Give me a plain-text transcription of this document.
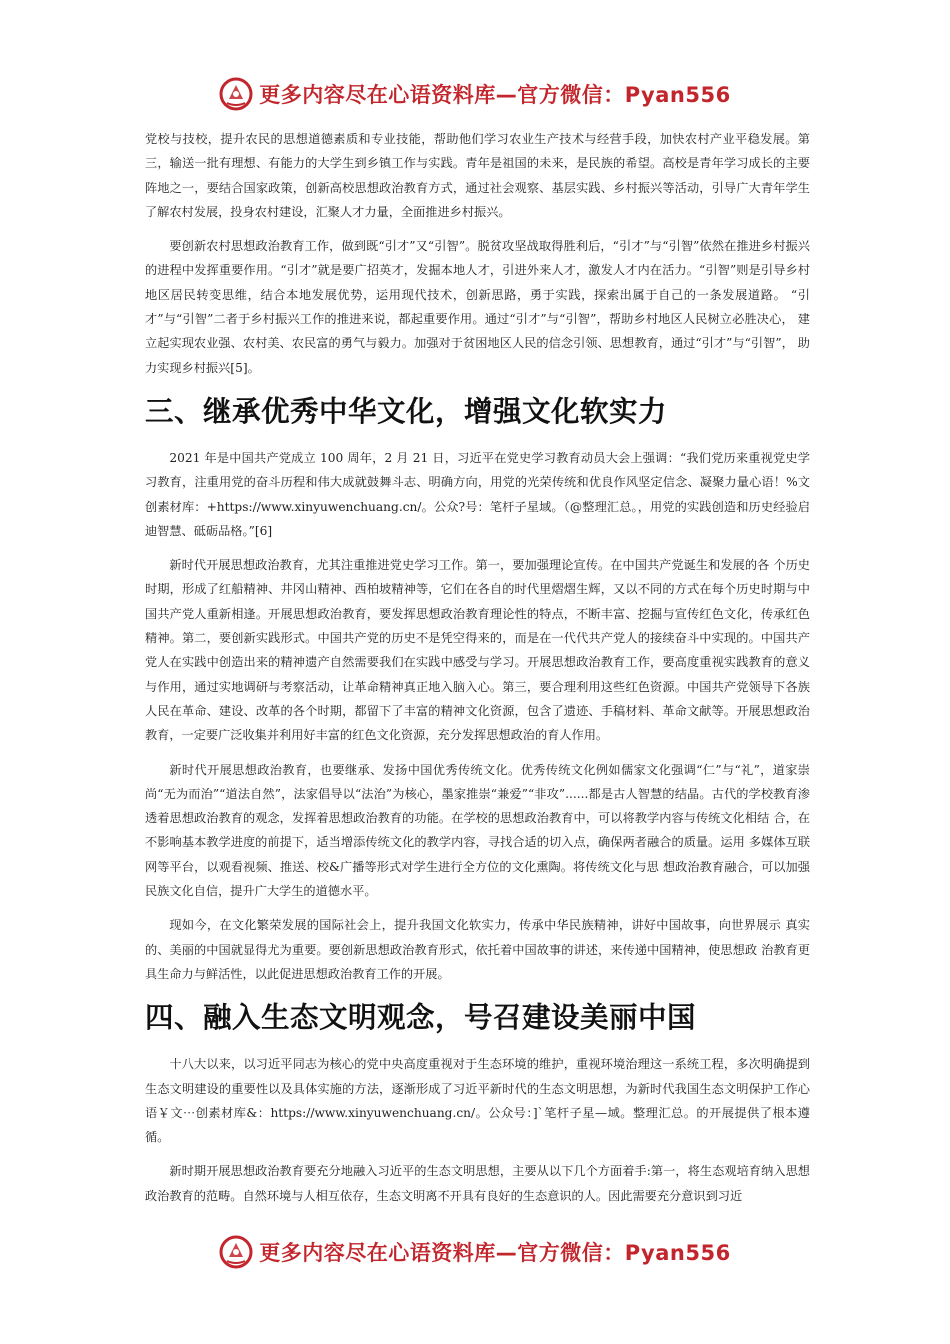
更多内容尽在心语资料库—官方微信：Pyan556

党校与技校，提升农民的思想道德素质和专业技能，帮助他们学习农业生产技术与经营手段，加快农村产业平稳发展。第三，输送一批有理想、有能力的大学生到乡镇工作与实践。青年是祖国的未来，是民族的希望。高校是青年学习成长的主要阵地之一，要结合国家政策，创新高校思想政治教育方式，通过社会观察、基层实践、乡村振兴等活动，引导广大青年学生了解农村发展，投身农村建设，汇聚人才力量，全面推进乡村振兴。

要创新农村思想政治教育工作，做到既“引才”又“引智”。脱贫攻坚战取得胜利后，“引才”与“引智”依然在推进乡村振兴的进程中发挥重要作用。“引才”就是要广招英才，发掘本地人才，引进外来人才，激发人才内在活力。“引智”则是引导乡村地区居民转变思维，结合本地发展优势，运用现代技术，创新思路，勇于实践，探索出属于自己的一条发展道路。 “引才”与“引智”二者于乡村振兴工作的推进来说，都起重要作用。通过“引才”与“引智”，帮助乡村地区人民树立必胜决心， 建立起实现农业强、农村美、农民富的勇气与毅力。加强对于贫困地区人民的信念引领、思想教育，通过“引才”与“引智”， 助力实现乡村振兴[5]。

三、继承优秀中华文化，增强文化软实力

2021 年是中国共产党成立 100 周年，2 月 21 日，习近平在党史学习教育动员大会上强调：“我们党历来重视党史学习教育，注重用党的奋斗历程和伟大成就鼓舞斗志、明确方向，用党的光荣传统和优良作风坚定信念、凝聚力量心语！%文创素材库：+https://www.xinyuwenchuang.cn/。公众?号：笔杆子星域。（@整理汇总。，用党的实践创造和历史经验启迪智慧、砥砺品格。”[6]

新时代开展思想政治教育，尤其注重推进党史学习工作。第一，要加强理论宣传。在中国共产党诞生和发展的各 个历史时期，形成了红船精神、井冈山精神、西柏坡精神等，它们在各自的时代里熠熠生辉，又以不同的方式在每个历史时期与中国共产党人重新相逢。开展思想政治教育，要发挥思想政治教育理论性的特点，不断丰富、挖掘与宣传红色文化，传承红色精神。第二，要创新实践形式。中国共产党的历史不是凭空得来的，而是在一代代共产党人的接续奋斗中实现的。中国共产党人在实践中创造出来的精神遗产自然需要我们在实践中感受与学习。开展思想政治教育工作，要高度重视实践教育的意义与作用，通过实地调研与考察活动，让革命精神真正地入脑入心。第三，要合理利用这些红色资源。中国共产党领导下各族人民在革命、建设、改革的各个时期，都留下了丰富的精神文化资源，包含了遗迹、手稿材料、革命文献等。开展思想政治教育，一定要广泛收集并利用好丰富的红色文化资源，充分发挥思想政治的育人作用。

新时代开展思想政治教育，也要继承、发扬中国优秀传统文化。优秀传统文化例如儒家文化强调“仁”与“礼”，道家崇尚“无为而治”“道法自然”，法家倡导以“法治”为核心，墨家推崇“兼爱”“非攻”......都是古人智慧的结晶。古代的学校教育渗透着思想政治教育的观念，发挥着思想政治教育的功能。在学校的思想政治教育中，可以将教学内容与传统文化相结 合，在不影响基本教学进度的前提下，适当增添传统文化的教学内容，寻找合适的切入点，确保两者融合的质量。运用 多媒体互联网等平台，以观看视频、推送、校&广播等形式对学生进行全方位的文化熏陶。将传统文化与思 想政治教育融合，可以加强民族文化自信，提升广大学生的道德水平。

现如今，在文化繁荣发展的国际社会上，提升我国文化软实力，传承中华民族精神，讲好中国故事，向世界展示 真实的、美丽的中国就显得尤为重要。要创新思想政治教育形式，依托着中国故事的讲述，来传递中国精神，使思想政 治教育更具生命力与鲜活性，以此促进思想政治教育工作的开展。

四、融入生态文明观念，号召建设美丽中国

十八大以来，以习近平同志为核心的党中央高度重视对于生态环境的维护，重视环境治理这一系统工程，多次明确提到生态文明建设的重要性以及具体实施的方法，逐渐形成了习近平新时代的生态文明思想，为新时代我国生态文明保护工作心语￥文⋯创素材库&：https://www.xinyuwenchuang.cn/。公众号：]`笔杆子星—域。整理汇总。的开展提供了根本遵循。

新时期开展思想政治教育要充分地融入习近平的生态文明思想，主要从以下几个方面着手:第一，将生态观培育纳入思想政治教育的范畴。自然环境与人相互依存，生态文明离不开具有良好的生态意识的人。因此需要充分意识到习近

更多内容尽在心语资料库—官方微信：Pyan556
